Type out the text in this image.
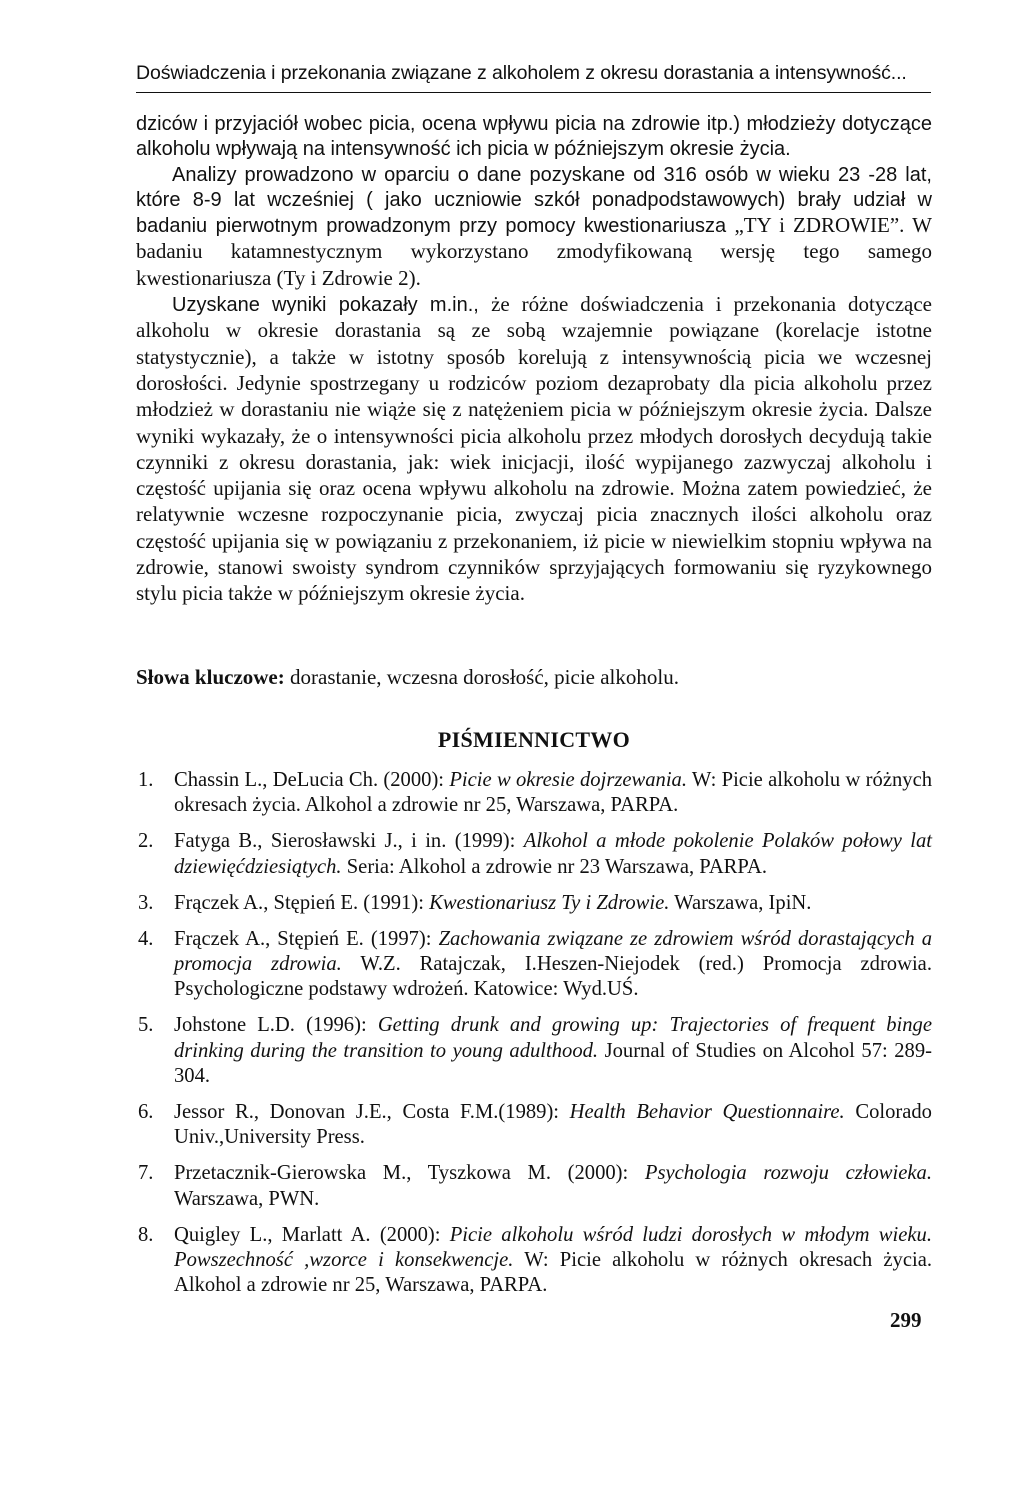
Doświadczenia i przekonania związane z alkoholem z okresu dorastania a intensywność...

dziców i przyjaciół wobec picia, ocena wpływu picia na zdrowie itp.) młodzieży dotyczące alkoholu wpływają na intensywność ich picia w późniejszym okresie życia.

Analizy prowadzono w oparciu o dane pozyskane od 316 osób w wieku 23 -28 lat, które 8-9 lat wcześniej ( jako uczniowie szkół ponadpodstawowych) brały udział w badaniu pierwotnym prowadzonym przy pomocy kwestionariusza „TY i ZDROWIE”. W badaniu katamnestycznym wykorzystano zmodyfikowaną wersję tego samego kwestionariusza (Ty i Zdrowie 2).

Uzyskane wyniki pokazały m.in., że różne doświadczenia i przekonania dotyczące alkoholu w okresie dorastania są ze sobą wzajemnie powiązane (korelacje istotne statystycznie), a także w istotny sposób korelują z intensywnością picia we wczesnej dorosłości. Jedynie spostrzegany u rodziców poziom dezaprobaty dla picia alkoholu przez młodzież w dorastaniu nie wiąże się z natężeniem picia w późniejszym okresie życia. Dalsze wyniki wykazały, że o intensywności picia alkoholu przez młodych dorosłych decydują takie czynniki z okresu dorastania, jak: wiek inicjacji, ilość wypijanego zazwyczaj alkoholu i częstość upijania się oraz ocena wpływu alkoholu na zdrowie. Można zatem powiedzieć, że relatywnie wczesne rozpoczynanie picia, zwyczaj picia znacznych ilości alkoholu oraz częstość upijania się w powiązaniu z przekonaniem, iż picie w niewielkim stopniu wpływa na zdrowie, stanowi swoisty syndrom czynników sprzyjających formowaniu się ryzykownego stylu picia także w późniejszym okresie życia.

Słowa kluczowe: dorastanie, wczesna dorosłość, picie alkoholu.
PIŚMIENNICTWO
1. Chassin L., DeLucia Ch. (2000): Picie w okresie dojrzewania. W: Picie alkoholu w różnych okresach życia. Alkohol a zdrowie nr 25, Warszawa, PARPA.
2. Fatyga B., Sierosławski J., i in. (1999): Alkohol a młode pokolenie Polaków połowy lat dziewięćdziesiątych. Seria: Alkohol a zdrowie nr 23 Warszawa, PARPA.
3. Frączek A., Stępień E. (1991): Kwestionariusz Ty i Zdrowie. Warszawa, IpiN.
4. Frączek A., Stępień E. (1997): Zachowania związane ze zdrowiem wśród dorastających a promocja zdrowia. W.Z. Ratajczak, I.Heszen-Niejodek (red.) Promocja zdrowia. Psychologiczne podstawy wdrożeń. Katowice: Wyd.UŚ.
5. Johstone L.D. (1996): Getting drunk and growing up: Trajectories of frequent binge drinking during the transition to young adulthood. Journal of Studies on Alcohol 57: 289-304.
6. Jessor R., Donovan J.E., Costa F.M.(1989): Health Behavior Questionnaire. Colorado Univ.,University Press.
7. Przetacznik-Gierowska M., Tyszkowa M. (2000): Psychologia rozwoju człowieka. Warszawa, PWN.
8. Quigley L., Marlatt A. (2000): Picie alkoholu wśród ludzi dorosłych w młodym wieku. Powszechność ,wzorce i konsekwencje. W: Picie alkoholu w różnych okresach życia. Alkohol a zdrowie nr 25, Warszawa, PARPA.
299
